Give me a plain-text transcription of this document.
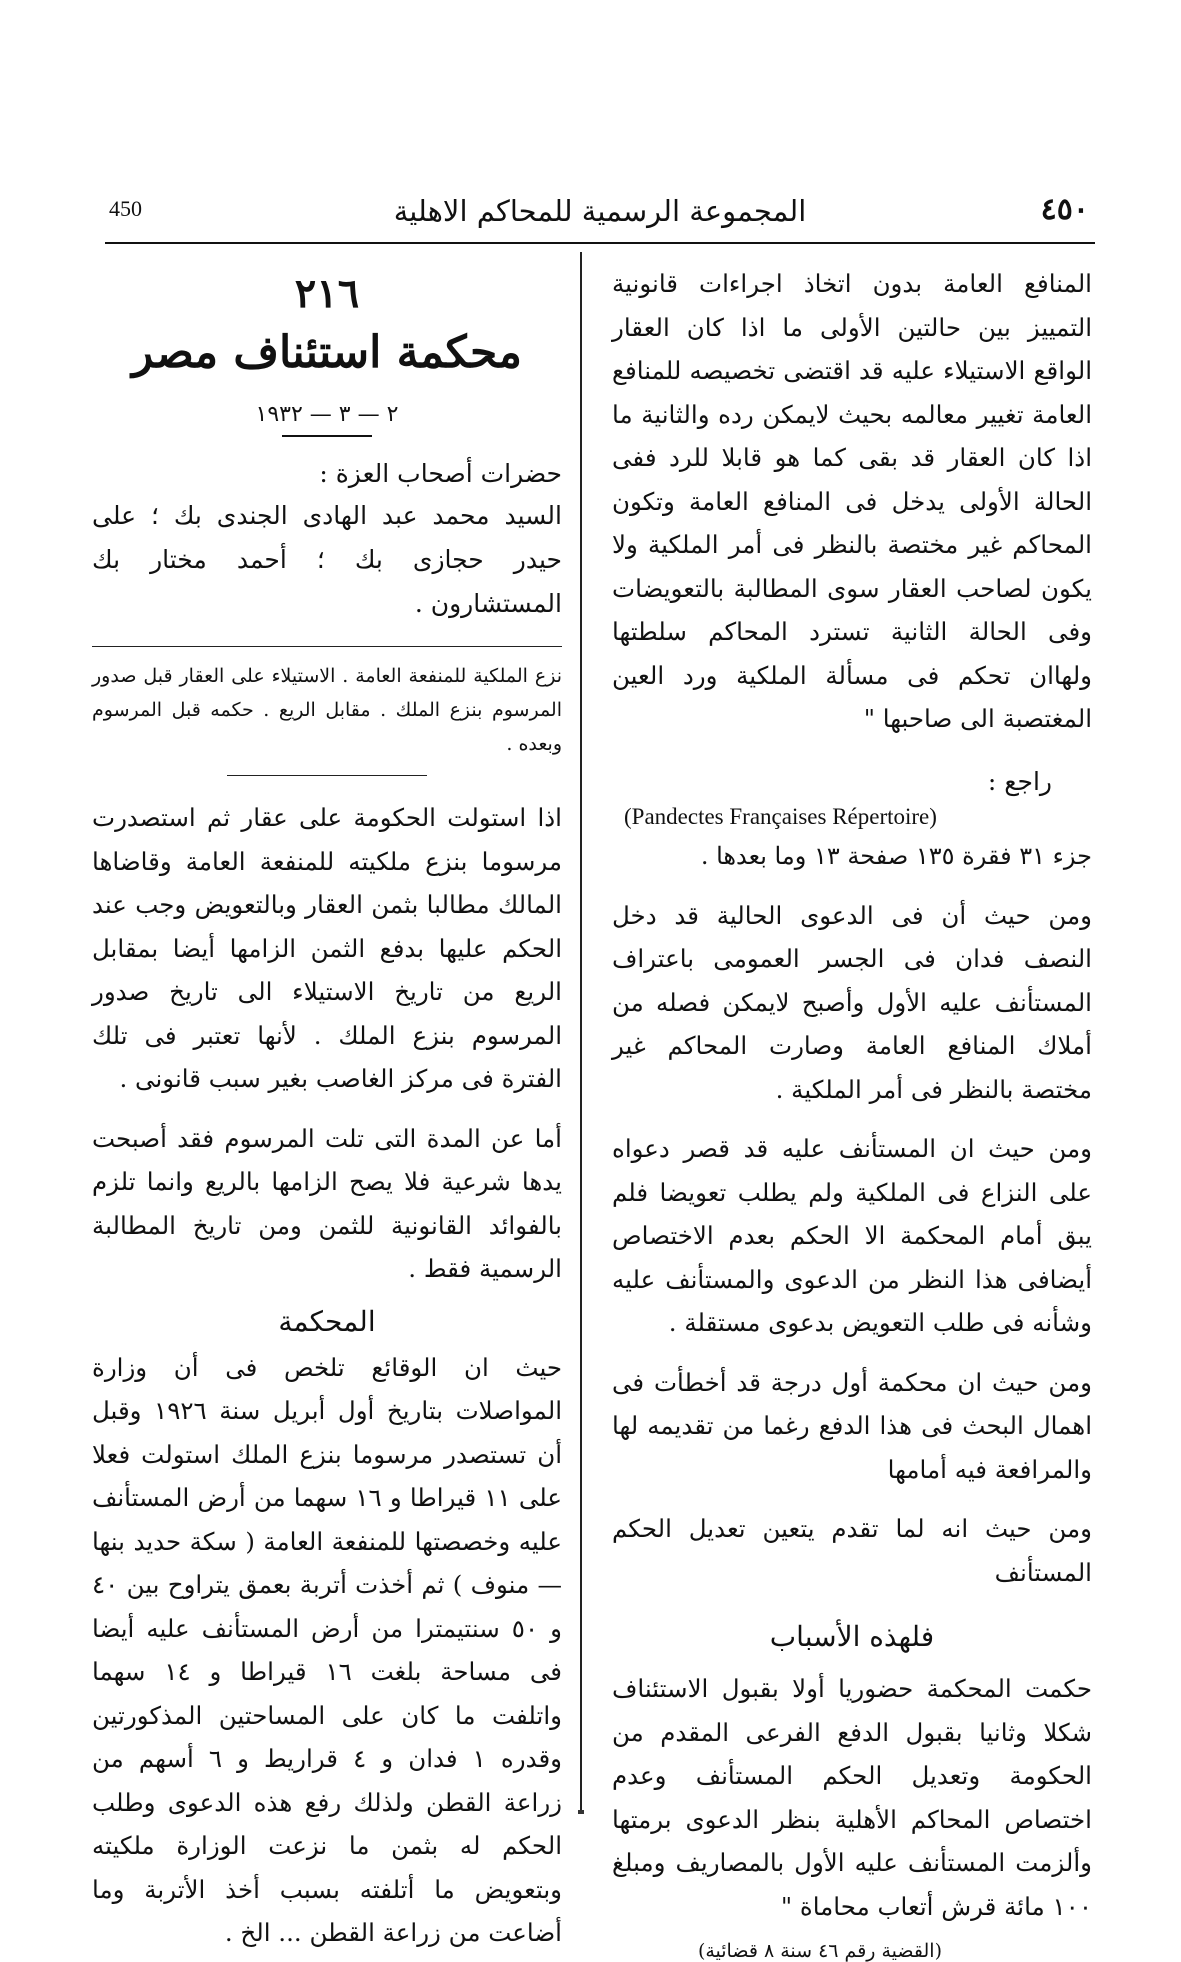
450	المجموعة الرسمية للمحاكم الاهلية	٤٥٠

المنافع العامة بدون اتخاذ اجراءات قانونية التمييز بين حالتين الأولى ما اذا كان العقار الواقع الاستيلاء عليه قد اقتضى تخصيصه للمنافع العامة تغيير معالمه بحيث لايمكن رده والثانية ما اذا كان العقار قد بقى كما هو قابلا للرد ففى الحالة الأولى يدخل فى المنافع العامة وتكون المحاكم غير مختصة بالنظر فى أمر الملكية ولا يكون لصاحب العقار سوى المطالبة بالتعويضات وفى الحالة الثانية تسترد المحاكم سلطتها ولهاان تحكم فى مسألة الملكية ورد العين المغتصبة الى صاحبها "

راجع :
(Pandectes Françaises Répertoire)
جزء ٣١ فقرة ١٣٥ صفحة ١٣ وما بعدها .

ومن حيث أن فى الدعوى الحالية قد دخل النصف فدان فى الجسر العمومى باعتراف المستأنف عليه الأول وأصبح لايمكن فصله من أملاك المنافع العامة وصارت المحاكم غير مختصة بالنظر فى أمر الملكية .

ومن حيث ان المستأنف عليه قد قصر دعواه على النزاع فى الملكية ولم يطلب تعويضا فلم يبق أمام المحكمة الا الحكم بعدم الاختصاص أيضافى هذا النظر من الدعوى والمستأنف عليه وشأنه فى طلب التعويض بدعوى مستقلة .

ومن حيث ان محكمة أول درجة قد أخطأت فى اهمال البحث فى هذا الدفع رغما من تقديمه لها والمرافعة فيه أمامها

ومن حيث انه لما تقدم يتعين تعديل الحكم المستأنف

فلهذه الأسباب

حكمت المحكمة حضوريا أولا بقبول الاستئناف شكلا وثانيا بقبول الدفع الفرعى المقدم من الحكومة وتعديل الحكم المستأنف وعدم اختصاص المحاكم الأهلية بنظر الدعوى برمتها وألزمت المستأنف عليه الأول بالمصاريف ومبلغ ١٠٠ مائة قرش أتعاب محاماة "

(القضية رقم ٤٦ سنة ٨ قضائية)
٢١٦
محكمة استئناف مصر
٢ — ٣ — ١٩٣٢
حضرات أصحاب العزة :
السيد محمد عبد الهادى الجندى بك ؛ على حيدر حجازى بك ؛ أحمد مختار بك المستشارون .
نزع الملكية للمنفعة العامة . الاستيلاء على العقار قبل صدور المرسوم بنزع الملك . مقابل الريع . حكمه قبل المرسوم وبعده .

اذا استولت الحكومة على عقار ثم استصدرت مرسوما بنزع ملكيته للمنفعة العامة وقاضاها المالك مطالبا بثمن العقار وبالتعويض وجب عند الحكم عليها بدفع الثمن الزامها أيضا بمقابل الريع من تاريخ الاستيلاء الى تاريخ صدور المرسوم بنزع الملك . لأنها تعتبر فى تلك الفترة فى مركز الغاصب بغير سبب قانونى .

أما عن المدة التى تلت المرسوم فقد أصبحت يدها شرعية فلا يصح الزامها بالريع وانما تلزم بالفوائد القانونية للثمن ومن تاريخ المطالبة الرسمية فقط .

المحكمة

حيث ان الوقائع تلخص فى أن وزارة المواصلات بتاريخ أول أبريل سنة ١٩٢٦ وقبل أن تستصدر مرسوما بنزع الملك استولت فعلا على ١١ قيراطا و ١٦ سهما من أرض المستأنف عليه وخصصتها للمنفعة العامة ( سكة حديد بنها — منوف ) ثم أخذت أتربة بعمق يتراوح بين ٤٠ و ٥٠ سنتيمترا من أرض المستأنف عليه أيضا فى مساحة بلغت ١٦ قيراطا و ١٤ سهما واتلفت ما كان على المساحتين المذكورتين وقدره ١ فدان و ٤ قراريط و ٦ أسهم من زراعة القطن ولذلك رفع هذه الدعوى وطلب الحكم له بثمن ما نزعت الوزارة ملكيته وبتعويض ما أتلفته بسبب أخذ الأتربة وما أضاعت من زراعة القطن ... الخ .
